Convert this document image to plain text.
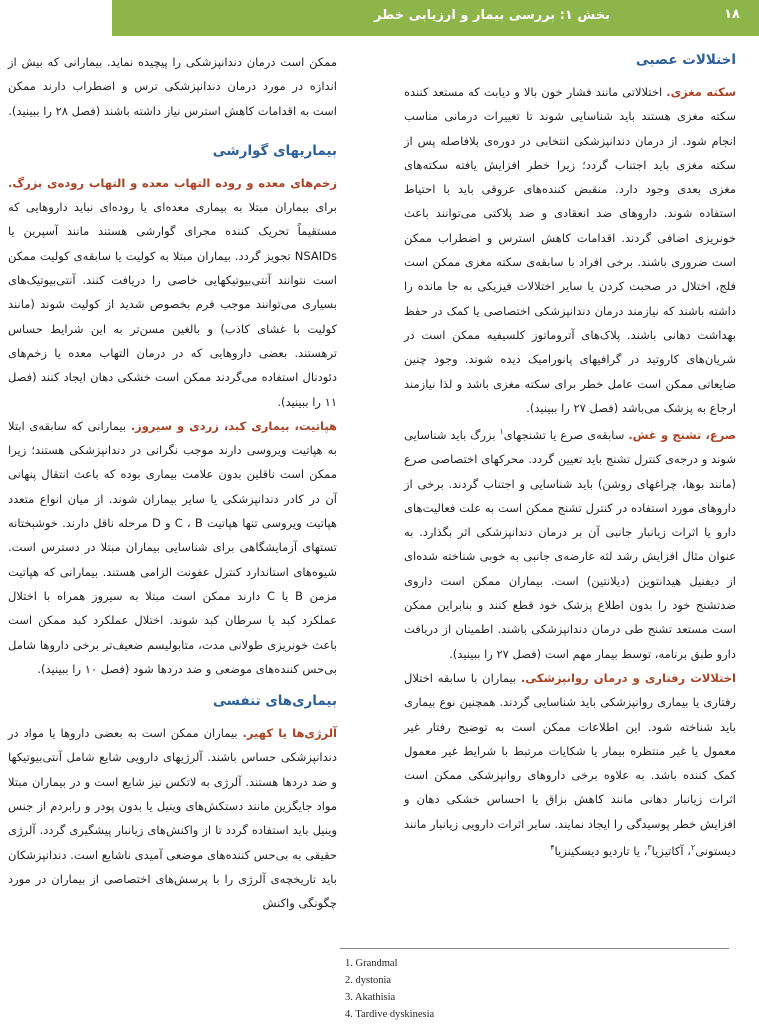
بخش ۱: بررسی بیمار و ارزیابی خطر	۱۸
اختلالات عصبی

سکته مغزی. اختلالاتی مانند فشار خون بالا و دیابت که مستعد کننده سکته مغزی هستند باید شناسایی شوند تا تغییرات درمانی مناسب انجام شود. از درمان دندانپزشکی انتخابی در دوره‌ی بلافاصله پس از سکته مغزی باید اجتناب گردد؛ زیرا خطر افزایش یافته سکته‌های مغزی بعدی وجود دارد. منقبض کننده‌های عروقی باید با احتیاط استفاده شوند. داروهای ضد انعقادی و ضد پلاکتی می‌توانند باعث خونریزی اضافی گردند. اقدامات کاهش استرس و اضطراب ممکن است ضروری باشند. برخی افراد با سابقه‌ی سکته مغزی ممکن است فلج، اختلال در صحبت کردن یا سایر اختلالات فیزیکی به جا مانده را داشته باشند که نیازمند درمان دندانپزشکی اختصاصی یا کمک در حفظ بهداشت دهانی باشند. پلاک‌های آتروماتوز کلسیفیه ممکن است در شریان‌های کاروتید در گرافیهای پانورامیک دیده شوند. وجود چنین ضایعاتی ممکن است عامل خطر برای سکته مغزی باشد و لذا نیازمند ارجاع به پزشک می‌باشد (فصل ۲۷ را ببینید).

صرع، تشنج و غش. سابقه‌ی صرع یا تشنجهای$^۱$ بزرگ باید شناسایی شوند و درجه‌ی کنترل تشنج باید تعیین گردد. محرکهای اختصاصی صرع (مانند بوها، چراغهای روشن) باید شناسایی و اجتناب گردند. برخی از داروهای مورد استفاده در کنترل تشنج ممکن است به علت فعالیت‌های دارو یا اثرات زیانبار جانبی آن بر درمان دندانپزشکی اثر بگذارد. به عنوان مثال افزایش رشد لثه عارضه‌ی جانبی به خوبی شناخته شده‌ای از دیفنیل هیدانتوین (دیلانتین) است. بیماران ممکن است داروی ضدتشنج خود را بدون اطلاع پزشک خود قطع کنند و بنابراین ممکن است مستعد تشنج طی درمان دندانپزشکی باشند. اطمینان از دریافت دارو طبق برنامه، توسط بیمار مهم است (فصل ۲۷ را ببینید).

اختلالات رفتاری و درمان روانپزشکی. بیماران با سابقه اختلال رفتاری یا بیماری روانپزشکی باید شناسایی گردند. همچنین نوع بیماری باید شناخته شود. این اطلاعات ممکن است به توضیح رفتار غیر معمول یا غیر منتظره بیمار یا شکایات مرتبط با شرایط غیر معمول کمک کننده باشد. به علاوه برخی داروهای روانپزشکی ممکن است اثرات زیانبار دهانی مانند کاهش بزاق یا احساس خشکی دهان و افزایش خطر پوسیدگی را ایجاد نمایند. سایر اثرات دارویی زیانبار مانند دیستونی$^۲$، آکاتیزیا$^۳$، یا تاردیو دیسکینزیا$^۴$

ممکن است درمان دندانپزشکی را پیچیده نماید. بیمارانی که بیش از اندازه در مورد درمان دندانپزشکی ترس و اضطراب دارند ممکن است به اقدامات کاهش استرس نیاز داشته باشند (فصل ۲۸ را ببینید).

بیماریهای گوارشی

زخم‌های معده و روده التهاب معده و التهاب روده‌ی بزرگ. برای بیماران مبتلا به بیماری معده‌ای یا روده‌ای نباید داروهایی که مستقیماً تحریک کننده مجرای گوارشی هستند مانند آسپرین یا NSAIDs تجویز گردد. بیماران مبتلا به کولیت یا سابقه‌ی کولیت ممکن است نتوانند آنتی‌بیوتیکهایی خاصی را دریافت کنند. آنتی‌بیوتیک‌های بسیاری می‌توانند موجب فرم بخصوص شدید از کولیت شوند (مانند کولیت با غشای کاذب) و بالغین مسن‌تر به این شرایط حساس ترهستند. بعضی داروهایی که در درمان التهاب معده یا زخم‌های دئودنال استفاده می‌گردند ممکن است خشکی دهان ایجاد کنند (فصل ۱۱ را ببینید).

هپاتیت، بیماری کبد، زردی و سیروز. بیمارانی که سابقه‌ی ابتلا به هپاتیت ویروسی دارند موجب نگرانی در دندانپزشکی هستند؛ زیرا ممکن است ناقلین بدون علامت بیماری بوده که باعث انتقال پنهانی آن در کادر دندانپزشکی یا سایر بیماران شوند. از میان انواع متعدد هپاتیت ویروسی تنها هپاتیت C ، B و D مرحله ناقل دارند. خوشبختانه تستهای آزمایشگاهی برای شناسایی بیماران مبتلا در دسترس است. شیوه‌های استاندارد کنترل عفونت الزامی هستند. بیمارانی که هپاتیت مزمن B یا C دارند ممکن است مبتلا به سیروز همراه با اختلال عملکرد کبد یا سرطان کبد شوند. اختلال عملکرد کبد ممکن است باعث خونریزی طولانی مدت، متابولیسم ضعیف‌تر برخی داروها شامل بی‌حس کننده‌های موضعی و ضد دردها شود (فصل ۱۰ را ببینید).

بیماری‌های تنفسی

آلرژی‌ها یا کهیر. بیماران ممکن است به بعضی داروها یا مواد در دندانپزشکی حساس باشند. آلرژیهای دارویی شایع شامل آنتی‌بیوتیکها و ضد دردها هستند. آلرژی به لاتکس نیز شایع است و در بیماران مبتلا مواد جایگزین مانند دستکش‌های وینیل یا بدون پودر و رابردم از جنس وینیل باید استفاده گردد تا از واکنش‌های زیانبار پیشگیری گردد. آلرژی حقیقی به بی‌حس کننده‌های موضعی آمیدی ناشایع است. دندانپزشکان باید تاریخچه‌ی آلرژی را با پرسش‌های اختصاصی از بیماران در مورد چگونگی واکنش

1. Grandmal
2. dystonia
3. Akathisia
4. Tardive dyskinesia
